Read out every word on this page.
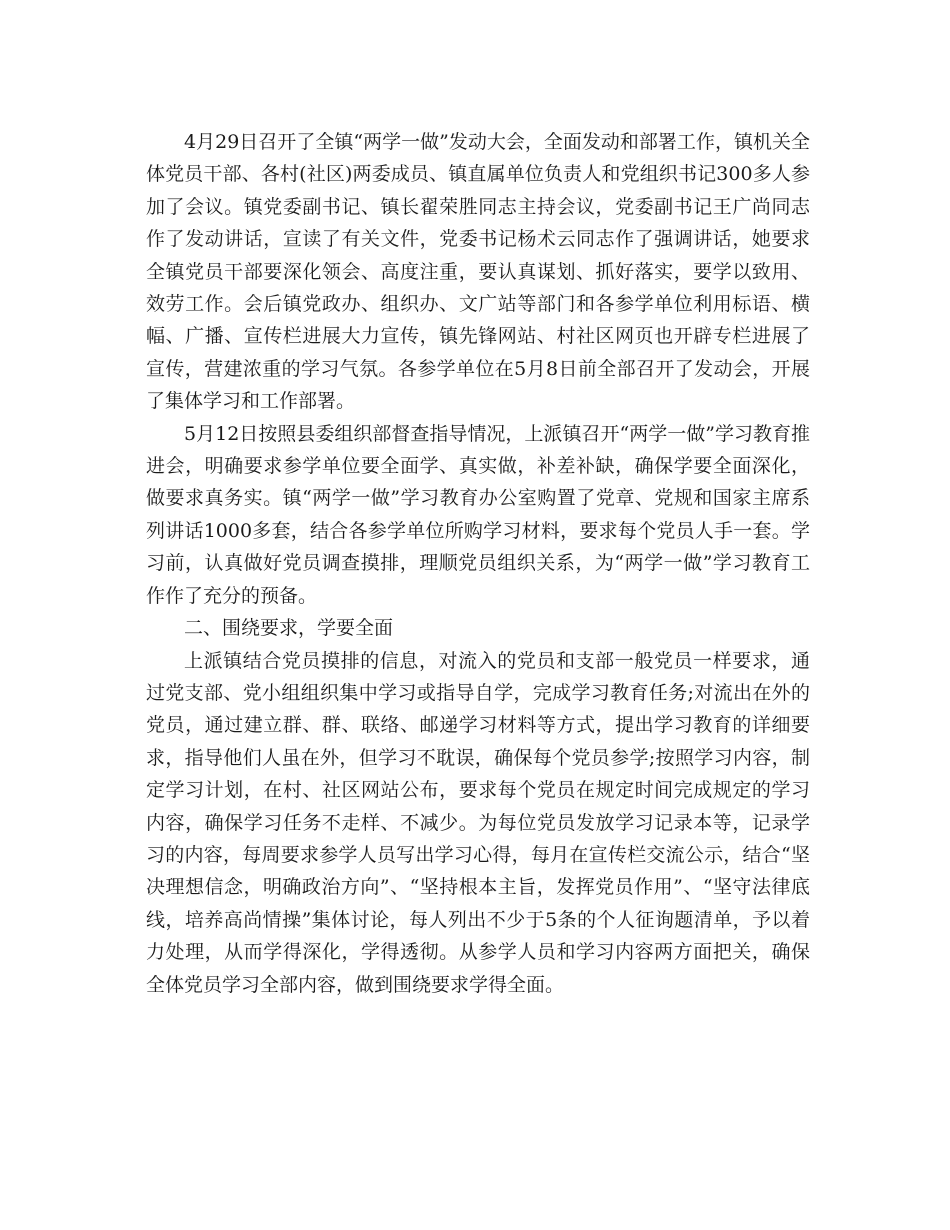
4月29日召开了全镇“两学一做”发动大会，全面发动和部署工作，镇机关全体党员干部、各村(社区)两委成员、镇直属单位负责人和党组织书记300多人参加了会议。镇党委副书记、镇长翟荣胜同志主持会议，党委副书记王广尚同志作了发动讲话，宣读了有关文件，党委书记杨术云同志作了强调讲话，她要求全镇党员干部要深化领会、高度注重，要认真谋划、抓好落实，要学以致用、效劳工作。会后镇党政办、组织办、文广站等部门和各参学单位利用标语、横幅、广播、宣传栏进展大力宣传，镇先锋网站、村社区网页也开辟专栏进展了宣传，营建浓重的学习气氛。各参学单位在5月8日前全部召开了发动会，开展了集体学习和工作部署。

5月12日按照县委组织部督查指导情况，上派镇召开“两学一做”学习教育推进会，明确要求参学单位要全面学、真实做，补差补缺，确保学要全面深化，做要求真务实。镇“两学一做”学习教育办公室购置了党章、党规和国家主席系列讲话1000多套，结合各参学单位所购学习材料，要求每个党员人手一套。学习前，认真做好党员调查摸排，理顺党员组织关系，为“两学一做”学习教育工作作了充分的预备。

二、围绕要求，学要全面

上派镇结合党员摸排的信息，对流入的党员和支部一般党员一样要求，通过党支部、党小组组织集中学习或指导自学，完成学习教育任务;对流出在外的党员，通过建立群、群、联络、邮递学习材料等方式，提出学习教育的详细要求，指导他们人虽在外，但学习不耽误，确保每个党员参学;按照学习内容，制定学习计划，在村、社区网站公布，要求每个党员在规定时间完成规定的学习内容，确保学习任务不走样、不减少。为每位党员发放学习记录本等，记录学习的内容，每周要求参学人员写出学习心得，每月在宣传栏交流公示，结合“坚决理想信念，明确政治方向”、“坚持根本主旨，发挥党员作用”、“坚守法律底线，培养高尚情操”集体讨论，每人列出不少于5条的个人征询题清单，予以着力处理，从而学得深化，学得透彻。从参学人员和学习内容两方面把关，确保全体党员学习全部内容，做到围绕要求学得全面。
